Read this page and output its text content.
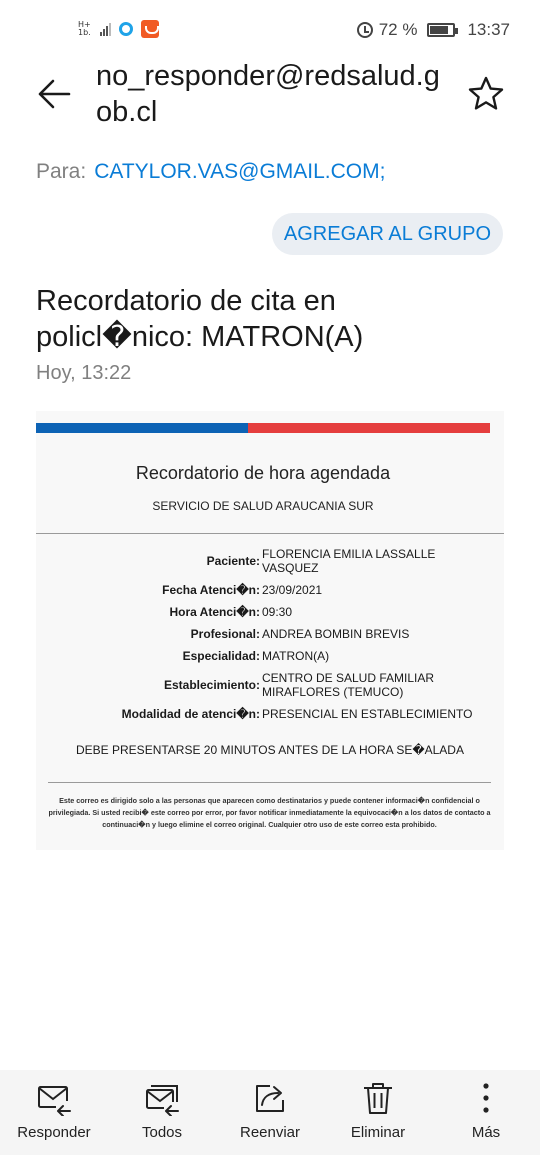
H+
1b.	72 %	13:37
no_responder@redsalud.gob.cl
Para: CATYLOR.VAS@GMAIL.COM;
AGREGAR AL GRUPO
Recordatorio de cita en policl�nico: MATRON(A)
Hoy, 13:22
Recordatorio de hora agendada
SERVICIO DE SALUD ARAUCANIA SUR
Paciente: FLORENCIA EMILIA LASSALLE VASQUEZ
Fecha Atenci�n: 23/09/2021
Hora Atenci�n: 09:30
Profesional: ANDREA BOMBIN BREVIS
Especialidad: MATRON(A)
Establecimiento: CENTRO DE SALUD FAMILIAR MIRAFLORES (TEMUCO)
Modalidad de atenci�n: PRESENCIAL EN ESTABLECIMIENTO
DEBE PRESENTARSE 20 MINUTOS ANTES DE LA HORA SE�ALADA
Este correo es dirigido solo a las personas que aparecen como destinatarios y puede contener informaci�n confidencial o privilegiada. Si usted recibi� este correo por error, por favor notificar inmediatamente la equivocaci�n a los datos de contacto a continuaci�n y luego elimine el correo original. Cualquier otro uso de este correo esta prohibido.
Responder	Todos	Reenviar	Eliminar	Más
